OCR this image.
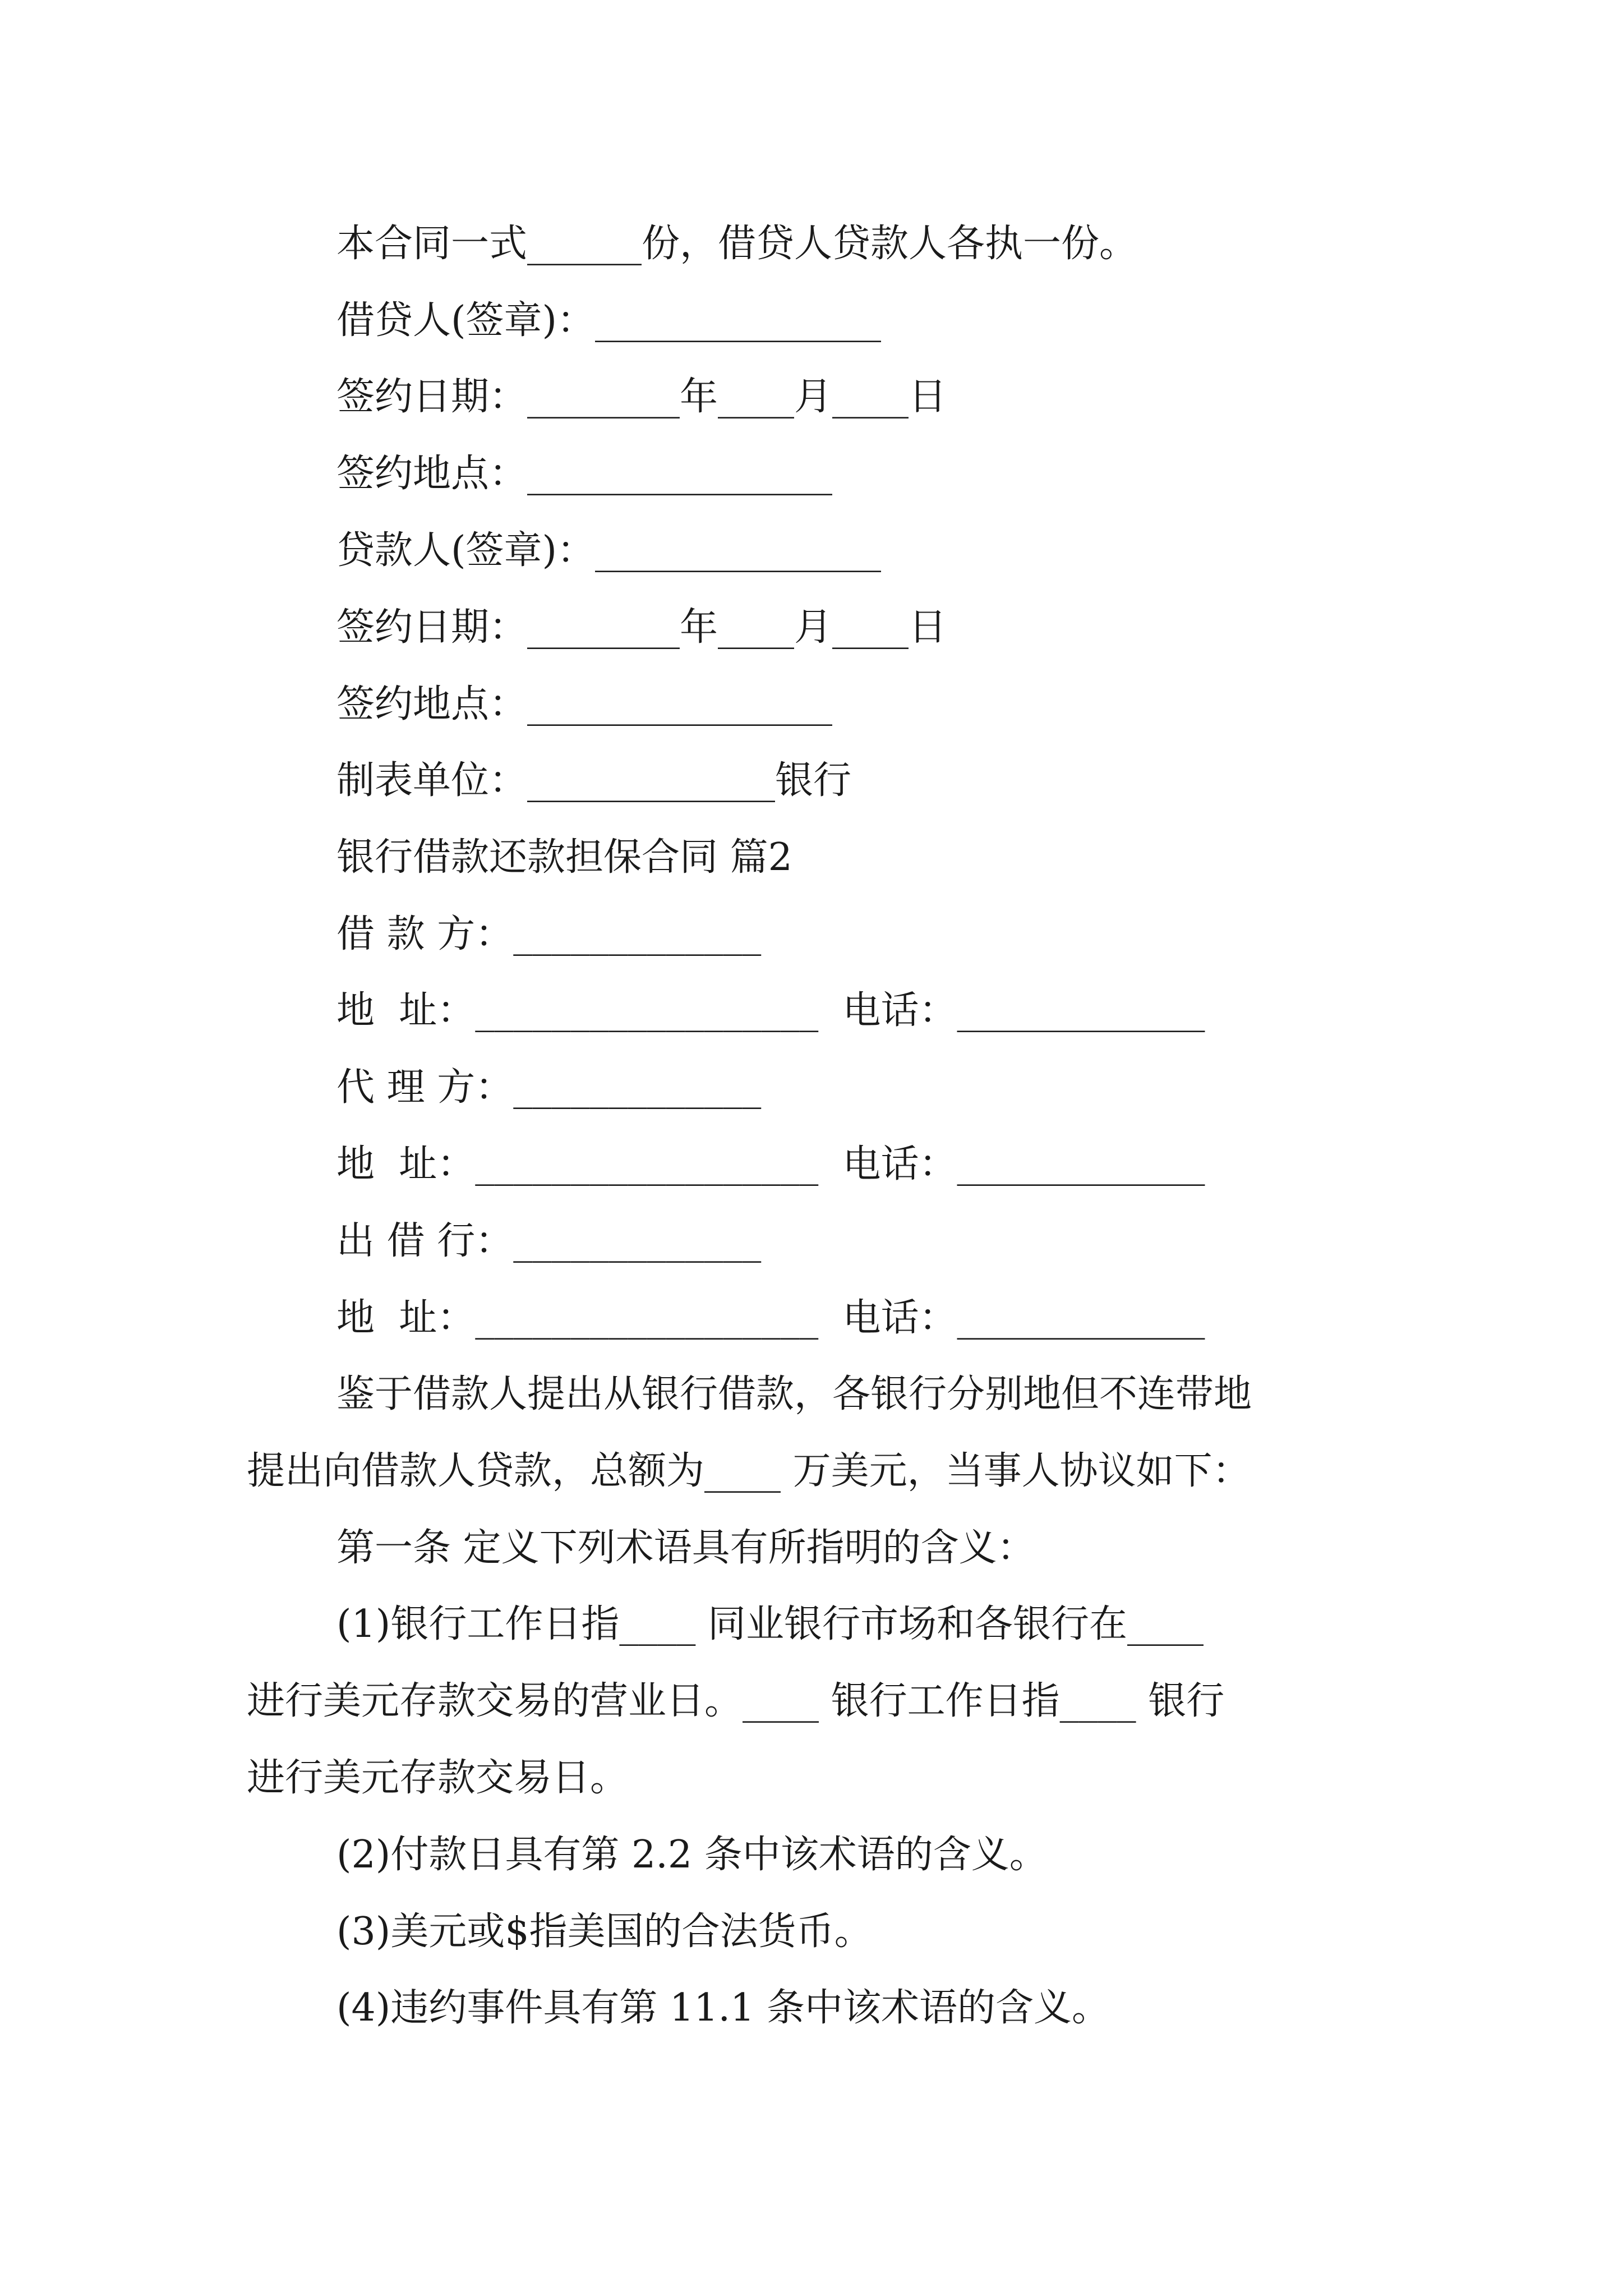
本合同一式______份，借贷人贷款人各执一份。
借贷人(签章)：_______________
签约日期：________年____月____日
签约地点：________________
贷款人(签章)：_______________
签约日期：________年____月____日
签约地点：________________
制表单位：_____________银行
银行借款还款担保合同 篇2
借 款 方：_____________
地  址：__________________  电话：_____________
代 理 方：_____________
地  址：__________________  电话：_____________
出 借 行：_____________
地  址：__________________  电话：_____________
鉴于借款人提出从银行借款，各银行分别地但不连带地
提出向借款人贷款，总额为____ 万美元，当事人协议如下：
第一条 定义下列术语具有所指明的含义：
(1)银行工作日指____ 同业银行市场和各银行在____
进行美元存款交易的营业日。____ 银行工作日指____ 银行
进行美元存款交易日。
(2)付款日具有第 2.2 条中该术语的含义。
(3)美元或$指美国的合法货币。
(4)违约事件具有第 11.1 条中该术语的含义。
